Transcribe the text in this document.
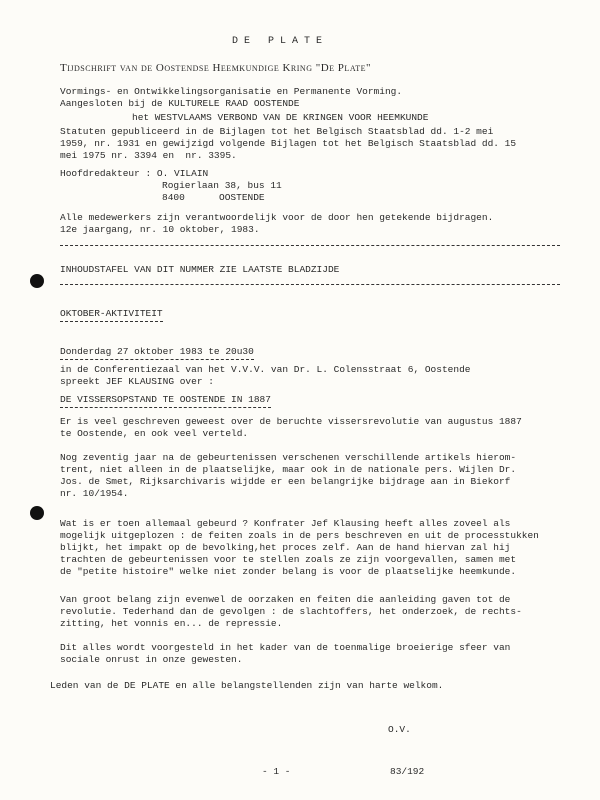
DE PLATE
Tijdschrift van de Oostendse Heemkundige Kring "De Plate"
Vormings- en Ontwikkelingsorganisatie en Permanente Vorming.
Aangesloten bij de KULTURELE RAAD OOSTENDE
het WESTVLAAMS VERBOND VAN DE KRINGEN VOOR HEEMKUNDE
Statuten gepubliceerd in de Bijlagen tot het Belgisch Staatsblad dd. 1-2 mei
1959, nr. 1931 en gewijzigd volgende Bijlagen tot het Belgisch Staatsblad dd. 15
mei 1975 nr. 3394 en  nr. 3395.
Hoofdredakteur : O. VILAIN
Rogierlaan 38, bus 11
8400      OOSTENDE
Alle medewerkers zijn verantwoordelijk voor de door hen getekende bijdragen.
12e jaargang, nr. 10 oktober, 1983.
INHOUDSTAFEL VAN DIT NUMMER ZIE LAATSTE BLADZIJDE
OKTOBER-AKTIVITEIT
Donderdag 27 oktober 1983 te 20u30
in de Conferentiezaal van het V.V.V. van Dr. L. Colensstraat 6, Oostende
spreekt JEF KLAUSING over :
DE VISSERSOPSTAND TE OOSTENDE IN 1887
Er is veel geschreven geweest over de beruchte vissersrevolutie van augustus 1887
te Oostende, en ook veel verteld.
Nog zeventig jaar na de gebeurtenissen verschenen verschillende artikels hierom-
trent, niet alleen in de plaatselijke, maar ook in de nationale pers. Wijlen Dr.
Jos. de Smet, Rijksarchivaris wijdde er een belangrijke bijdrage aan in Biekorf
nr. 10/1954.
Wat is er toen allemaal gebeurd ? Konfrater Jef Klausing heeft alles zoveel als
mogelijk uitgeplozen : de feiten zoals in de pers beschreven en uit de processtukken
blijkt, het impakt op de bevolking,het proces zelf. Aan de hand hiervan zal hij
trachten de gebeurtenissen voor te stellen zoals ze zijn voorgevallen, samen met
de "petite histoire" welke niet zonder belang is voor de plaatselijke heemkunde.
Van groot belang zijn evenwel de oorzaken en feiten die aanleiding gaven tot de
revolutie. Tederhand dan de gevolgen : de slachtoffers, het onderzoek, de rechts-
zitting, het vonnis en... de repressie.
Dit alles wordt voorgesteld in het kader van de toenmalige broeierige sfeer van
sociale onrust in onze gewesten.
Leden van de DE PLATE en alle belangstellenden zijn van harte welkom.
O.V.
- 1 -	83/192
